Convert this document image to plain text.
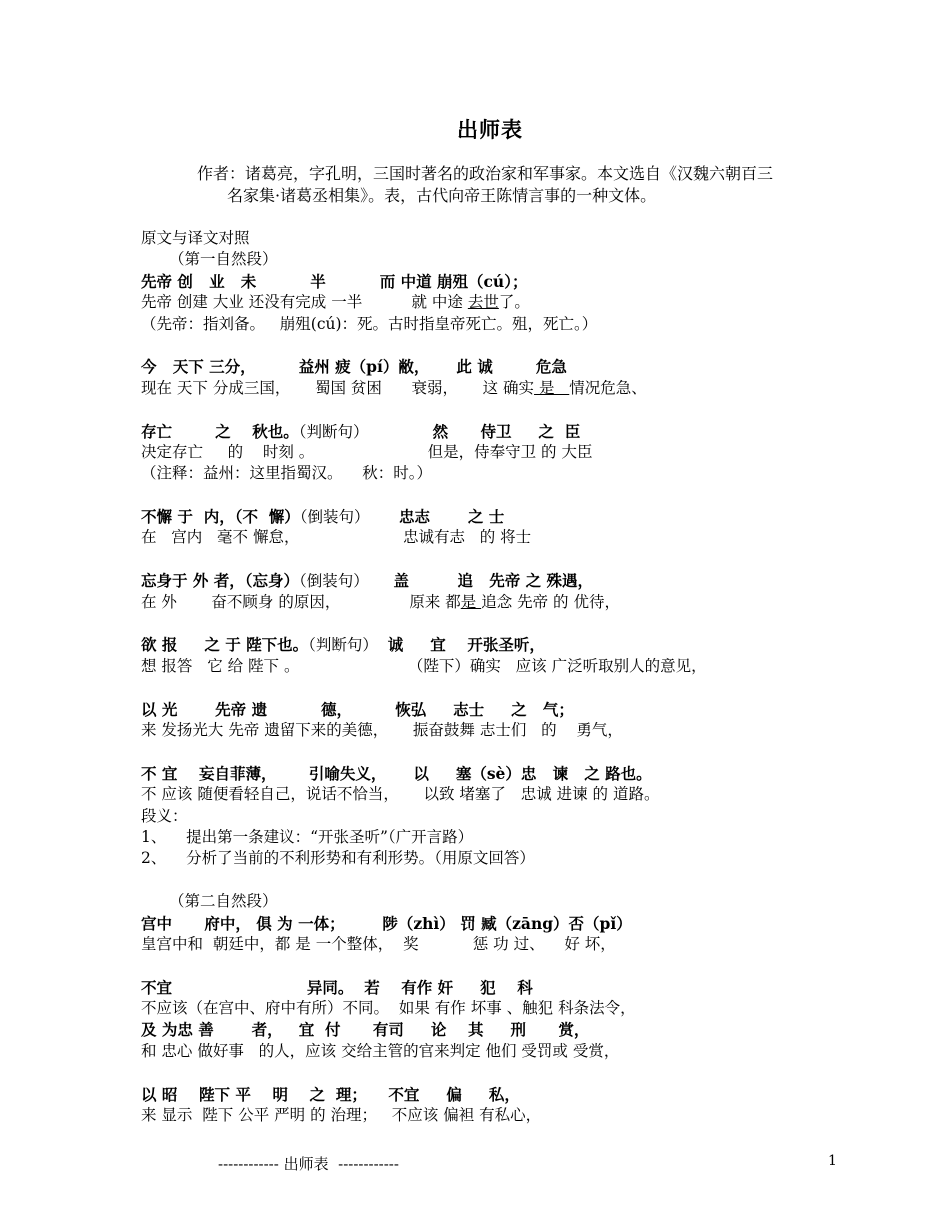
出师表
作者：诸葛亮，字孔明，三国时著名的政治家和军事家。本文选自《汉魏六朝百三
名家集·诸葛丞相集》。表，古代向帝王陈情言事的一种文体。
原文与译文对照
（第一自然段）
先帝 创   业   未          半          而 中道 崩殂（cú）；
先帝 创建 大业 还没有完成 一半          就 中途 去世了。
（先帝：指刘备。   崩殂(cú)：死。古时指皇帝死亡。殂，死亡。）
今   天下 三分，        益州 疲（pí）敝，     此 诚        危急
现在 天下 分成三国，     蜀国 贫困      衰弱，     这 确实 是   情况危急、
存亡        之    秋也。（判断句）             然      侍卫     之  臣
决定存亡     的    时刻 。                       但是，侍奉守卫 的 大臣
（注释：益州：这里指蜀汉。    秋：时。）
不懈 于  内，（不  懈）（倒装句）      忠志       之 士
在   宫内   毫不 懈怠，                     忠诚有志   的 将士
忘身于 外 者，（忘身）（倒装句）     盖         追   先帝 之 殊遇，
在 外       奋不顾身 的原因，              原来 都是 追念 先帝 的 优待，
欲 报     之 于 陛下也。（判断句）  诚     宜    开张圣听，
想 报答   它 给 陛下 。                      （陛下）确实   应该 广泛听取别人的意见，
以 光       先帝 遗          德，        恢弘     志士     之   气；
来 发扬光大 先帝 遗留下来的美德，     振奋鼓舞 志士们   的    勇气，
不 宜    妄自菲薄，      引喻失义，     以     塞（sè）忠   谏   之 路也。
不 应该 随便看轻自己，说话不恰当，     以致 堵塞了   忠诚 进谏 的 道路。
段义：
1、    提出第一条建议：“开张圣听”（广开言路）
2、    分析了当前的不利形势和有利形势。（用原文回答）
（第二自然段）
宫中      府中， 俱 为 一体；       陟（zhì） 罚 臧（zāng）否（pǐ）
皇宫中和  朝廷中，都 是 一个整体，  奖           惩 功 过、    好 坏，
不宜                         异同。  若    有作 奸     犯    科
不应该（在宫中、府中有所）不同。  如果 有作 坏事 、触犯 科条法令，
及 为忠 善       者，   宜  付      有司     论    其     刑      赏，
和 忠心 做好事   的人，应该 交给主管的官来判定 他们 受罚或 受赏，
以 昭    陛下 平    明    之  理；    不宜     偏     私，
来 显示  陛下 公平 严明 的 治理；   不应该 偏袒 有私心，
------------ 出师表  ------------	1
